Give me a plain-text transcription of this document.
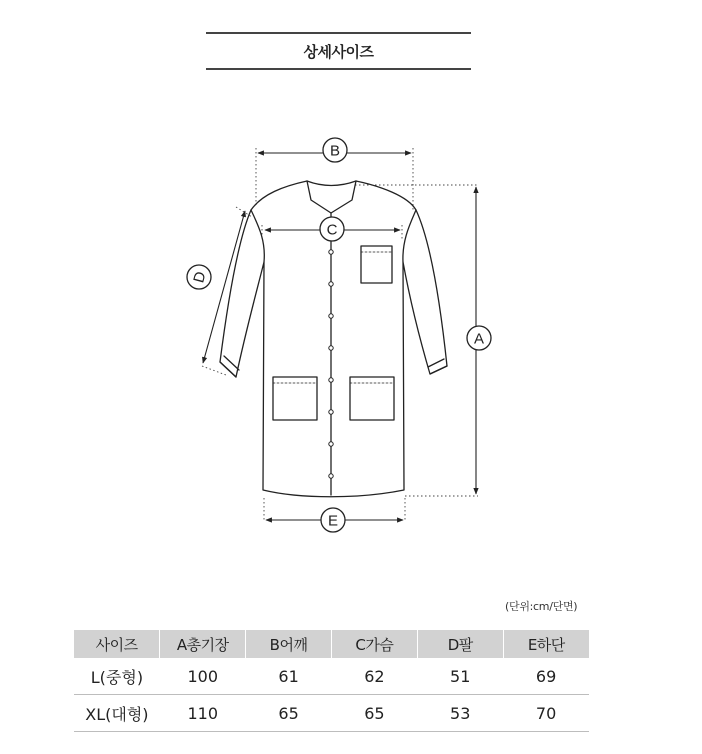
상세사이즈
B
C
A
E
D
(단위:cm/단면)
사이즈	A총기장	B어깨	C가슴	D팔	E하단
L(중형)	100	61	62	51	69
XL(대형)	110	65	65	53	70
